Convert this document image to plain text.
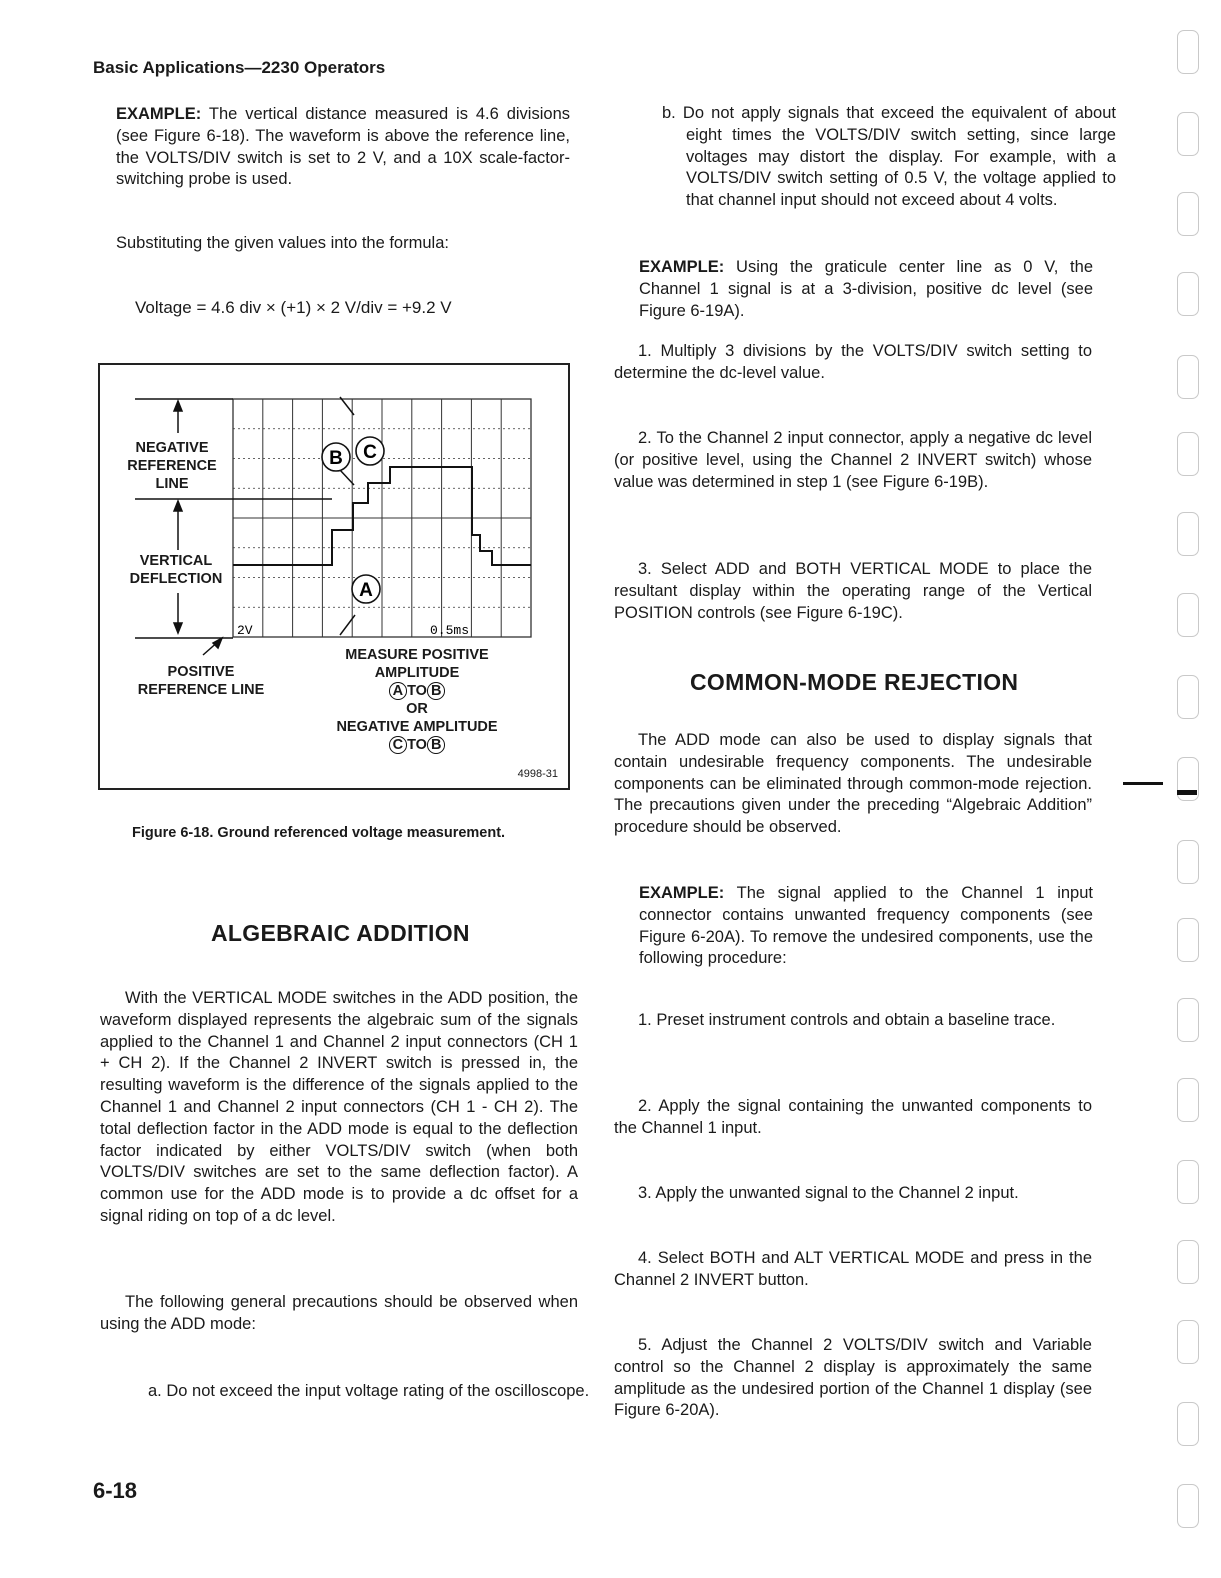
Basic Applications—2230 Operators
EXAMPLE: The vertical distance measured is 4.6 divisions (see Figure 6-18). The waveform is above the reference line, the VOLTS/DIV switch is set to 2 V, and a 10X scale-factor-switching probe is used.
Substituting the given values into the formula:
Voltage = 4.6 div × (+1) × 2 V/div = +9.2 V
B C
A
2V	0.5ms
NEGATIVE
REFERENCE
LINE
VERTICAL
DEFLECTION
POSITIVE
REFERENCE LINE
MEASURE POSITIVE
AMPLITUDE
A TO B
OR
NEGATIVE AMPLITUDE
C TO B
4998-31
Figure 6-18. Ground referenced voltage measurement.
ALGEBRAIC ADDITION
With the VERTICAL MODE switches in the ADD position, the waveform displayed represents the algebraic sum of the signals applied to the Channel 1 and Channel 2 input connectors (CH 1 + CH 2). If the Channel 2 INVERT switch is pressed in, the resulting waveform is the difference of the signals applied to the Channel 1 and Channel 2 input connectors (CH 1 - CH 2). The total deflection factor in the ADD mode is equal to the deflection factor indicated by either VOLTS/DIV switch (when both VOLTS/DIV switches are set to the same deflection factor). A common use for the ADD mode is to provide a dc offset for a signal riding on top of a dc level.
The following general precautions should be observed when using the ADD mode:
a. Do not exceed the input voltage rating of the oscilloscope.
6-18
b. Do not apply signals that exceed the equivalent of about eight times the VOLTS/DIV switch setting, since large voltages may distort the display. For example, with a VOLTS/DIV switch setting of 0.5 V, the voltage applied to that channel input should not exceed about 4 volts.
EXAMPLE: Using the graticule center line as 0 V, the Channel 1 signal is at a 3-division, positive dc level (see Figure 6-19A).
1. Multiply 3 divisions by the VOLTS/DIV switch setting to determine the dc-level value.
2. To the Channel 2 input connector, apply a negative dc level (or positive level, using the Channel 2 INVERT switch) whose value was determined in step 1 (see Figure 6-19B).
3. Select ADD and BOTH VERTICAL MODE to place the resultant display within the operating range of the Vertical POSITION controls (see Figure 6-19C).
COMMON-MODE REJECTION
The ADD mode can also be used to display signals that contain undesirable frequency components. The undesirable components can be eliminated through common-mode rejection. The precautions given under the preceding “Algebraic Addition” procedure should be observed.
EXAMPLE: The signal applied to the Channel 1 input connector contains unwanted frequency components (see Figure 6-20A). To remove the undesired components, use the following procedure:
1. Preset instrument controls and obtain a baseline trace.
2. Apply the signal containing the unwanted components to the Channel 1 input.
3. Apply the unwanted signal to the Channel 2 input.
4. Select BOTH and ALT VERTICAL MODE and press in the Channel 2 INVERT button.
5. Adjust the Channel 2 VOLTS/DIV switch and Variable control so the Channel 2 display is approximately the same amplitude as the undesired portion of the Channel 1 display (see Figure 6-20A).
